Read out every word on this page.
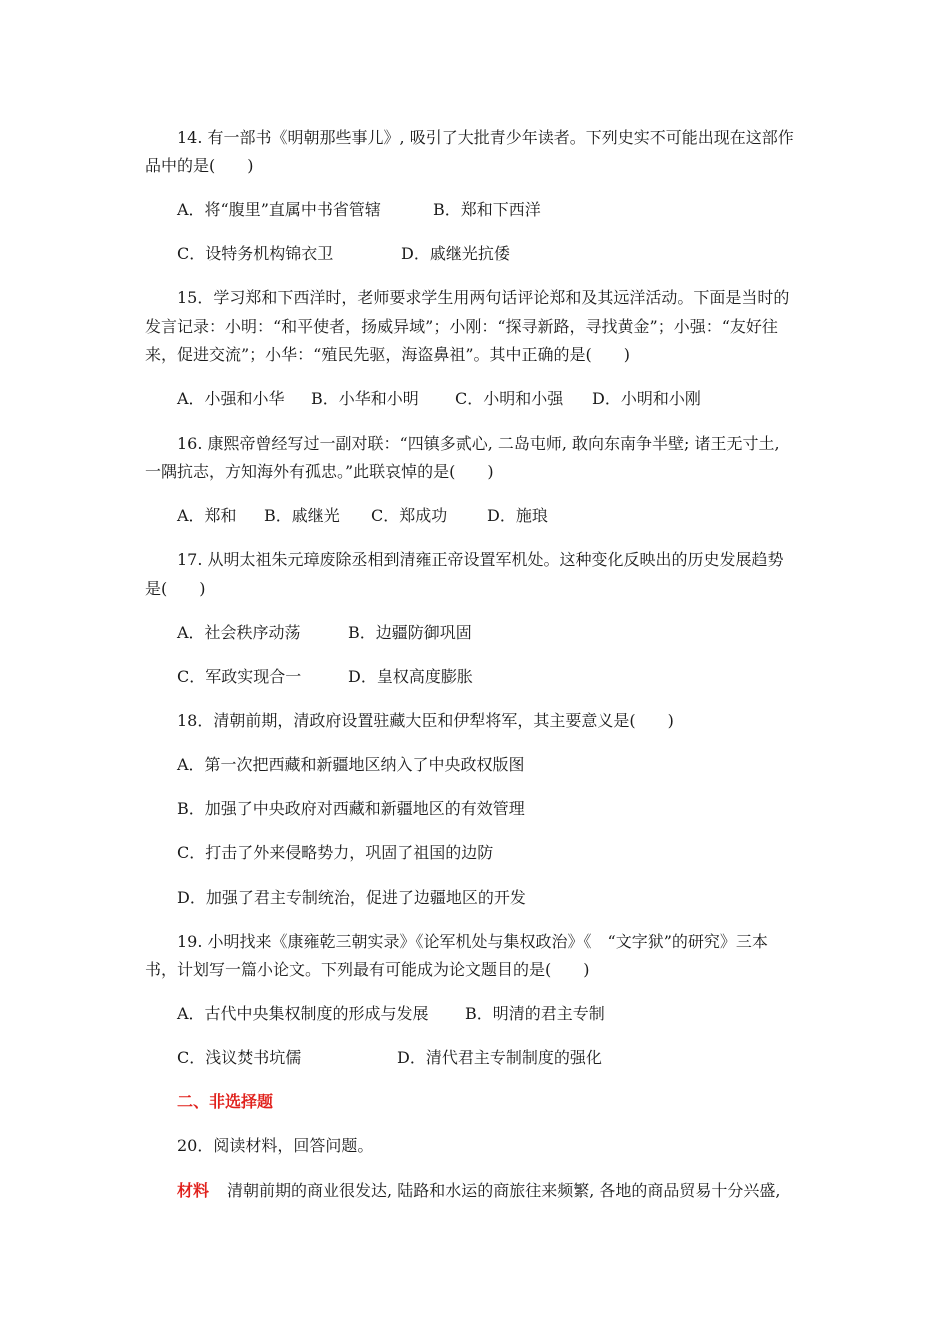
14. 有一部书《明朝那些事儿》, 吸引了大批青少年读者。下列史实不可能出现在这部作
品中的是(　　)
A．将“腹里”直属中书省管辖	B．郑和下西洋
C．设特务机构锦衣卫	D．戚继光抗倭
15．学习郑和下西洋时，老师要求学生用两句话评论郑和及其远洋活动。下面是当时的
发言记录：小明：“和平使者，扬威异域”；小刚：“探寻新路，寻找黄金”；小强：“友好往
来，促进交流”；小华：“殖民先驱，海盗鼻祖”。其中正确的是(　　)
A．小强和小华 B．小华和小明 C．小明和小强 D．小明和小刚
16. 康熙帝曾经写过一副对联：“四镇多贰心, 二岛屯师, 敢向东南争半壁; 诸王无寸土,
一隅抗志，方知海外有孤忠。”此联哀悼的是(　　)
A．郑和 B．戚继光 C．郑成功 D．施琅
17. 从明太祖朱元璋废除丞相到清雍正帝设置军机处。这种变化反映出的历史发展趋势
是(　　)
A．社会秩序动荡	B．边疆防御巩固
C．军政实现合一	D．皇权高度膨胀
18．清朝前期，清政府设置驻藏大臣和伊犁将军，其主要意义是(　　)
A．第一次把西藏和新疆地区纳入了中央政权版图
B．加强了中央政府对西藏和新疆地区的有效管理
C．打击了外来侵略势力，巩固了祖国的边防
D．加强了君主专制统治，促进了边疆地区的开发
19. 小明找来《康雍乾三朝实录》《论军机处与集权政治》《　“文字狱”的研究》三本
书，计划写一篇小论文。下列最有可能成为论文题目的是(　　)
A．古代中央集权制度的形成与发展 B．明清的君主专制
C．浅议焚书坑儒	D．清代君主专制制度的强化
二、非选择题
20．阅读材料，回答问题。
材料 清朝前期的商业很发达, 陆路和水运的商旅往来频繁, 各地的商品贸易十分兴盛,
